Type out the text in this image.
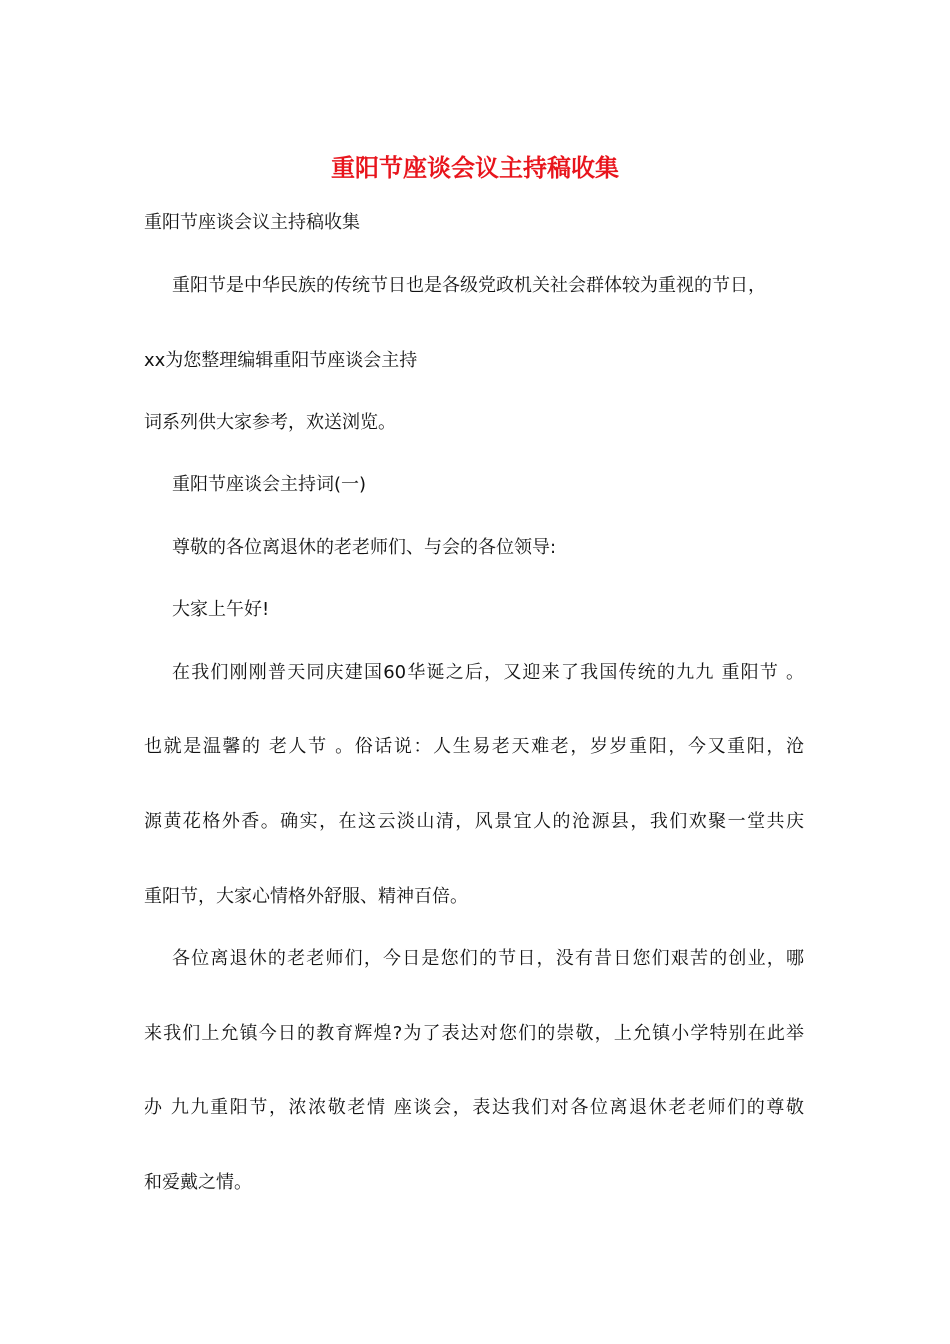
重阳节座谈会议主持稿收集
重阳节座谈会议主持稿收集
重阳节是中华民族的传统节日也是各级党政机关社会群体较为重视的节日，
xx为您整理编辑重阳节座谈会主持
词系列供大家参考，欢送浏览。
重阳节座谈会主持词(一)
尊敬的各位离退休的老老师们、与会的各位领导:
大家上午好!
在我们刚刚普天同庆建国60华诞之后，又迎来了我国传统的九九 重阳节 。
也就是温馨的 老人节 。俗话说：人生易老天难老，岁岁重阳，今又重阳，沧
源黄花格外香。确实，在这云淡山清，风景宜人的沧源县，我们欢聚一堂共庆
重阳节，大家心情格外舒服、精神百倍。
各位离退休的老老师们，今日是您们的节日，没有昔日您们艰苦的创业，哪
来我们上允镇今日的教育辉煌?为了表达对您们的崇敬，上允镇小学特别在此举
办 九九重阳节，浓浓敬老情 座谈会，表达我们对各位离退休老老师们的尊敬
和爱戴之情。
